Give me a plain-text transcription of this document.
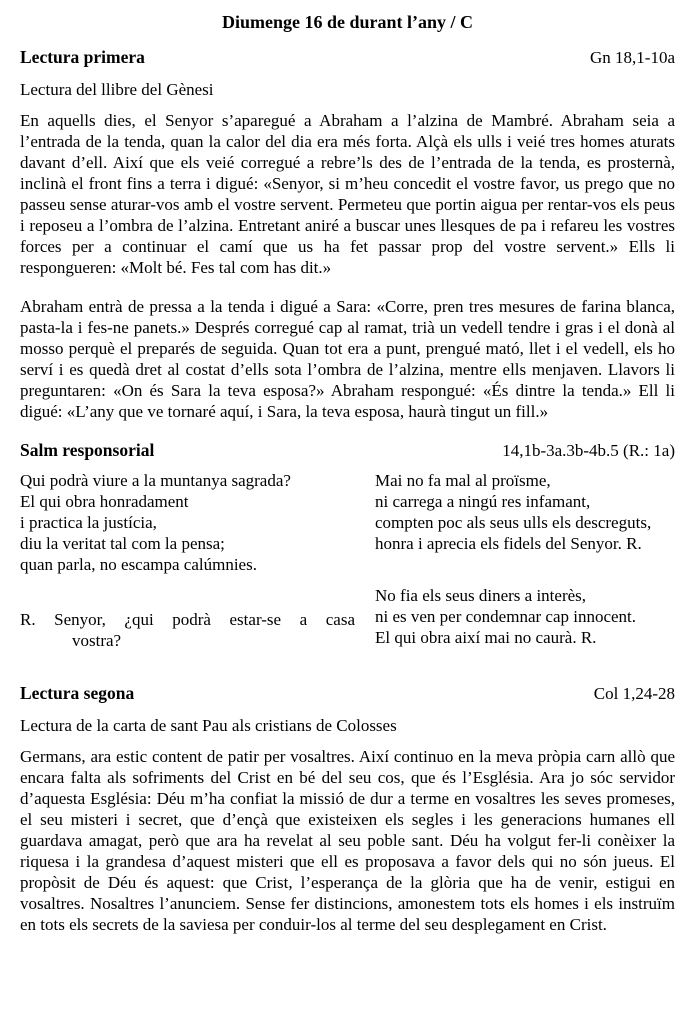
Diumenge 16 de durant l’any / C
Lectura primera	Gn 18,1-10a

Lectura del llibre del Gènesi

En aquells dies, el Senyor s’aparegué a Abraham a l’alzina de Mambré. Abraham seia a l’entrada de la tenda, quan la calor del dia era més forta. Alçà els ulls i veié tres homes aturats davant d’ell. Així que els veié corregué a rebre’ls des de l’entrada de la tenda, es prosternà, inclinà el front fins a terra i digué: «Senyor, si m’heu concedit el vostre favor, us prego que no passeu sense aturar-vos amb el vostre servent. Permeteu que portin aigua per rentar-vos els peus i reposeu a l’ombra de l’alzina. Entretant aniré a buscar unes llesques de pa i refareu les vostres forces per a continuar el camí que us ha fet passar prop del vostre servent.» Ells li respongueren: «Molt bé. Fes tal com has dit.»

Abraham entrà de pressa a la tenda i digué a Sara: «Corre, pren tres mesures de farina blanca, pasta-la i fes-ne panets.» Després corregué cap al ramat, trià un vedell tendre i gras i el donà al mosso perquè el preparés de seguida. Quan tot era a punt, prengué mató, llet i el vedell, els ho serví i es quedà dret al costat d’ells sota l’ombra de l’alzina, mentre ells menjaven. Llavors li preguntaren: «On és Sara la teva esposa?» Abraham respongué: «És dintre la tenda.» Ell li digué: «L’any que ve tornaré aquí, i Sara, la teva esposa, haurà tingut un fill.»

Salm responsorial	14,1b-3a.3b-4b.5 (R.: 1a)
Qui podrà viure a la muntanya sagrada?
El qui obra honradament
i practica la justícia,
diu la veritat tal com la pensa;
quan parla, no escampa calúmnies.
R. Senyor, ¿qui podrà estar-se a casa
vostra?
Mai no fa mal al proïsme,
ni carrega a ningú res infamant,
compten poc als seus ulls els descreguts,
honra i aprecia els fidels del Senyor. R.
No fia els seus diners a interès,
ni es ven per condemnar cap innocent.
El qui obra així mai no caurà. R.
Lectura segona	Col 1,24-28

Lectura de la carta de sant Pau als cristians de Colosses

Germans, ara estic content de patir per vosaltres. Així continuo en la meva pròpia carn allò que encara falta als sofriments del Crist en bé del seu cos, que és l’Església. Ara jo sóc servidor d’aquesta Església: Déu m’ha confiat la missió de dur a terme en vosaltres les seves promeses, el seu misteri i secret, que d’ençà que existeixen els segles i les generacions humanes ell guardava amagat, però que ara ha revelat al seu poble sant. Déu ha volgut fer-li conèixer la riquesa i la grandesa d’aquest misteri que ell es proposava a favor dels qui no són jueus. El propòsit de Déu és aquest: que Crist, l’esperança de la glòria que ha de venir, estigui en vosaltres. Nosaltres l’anunciem. Sense fer distincions, amonestem tots els homes i els instruïm en tots els secrets de la saviesa per conduir-los al terme del seu desplegament en Crist.
